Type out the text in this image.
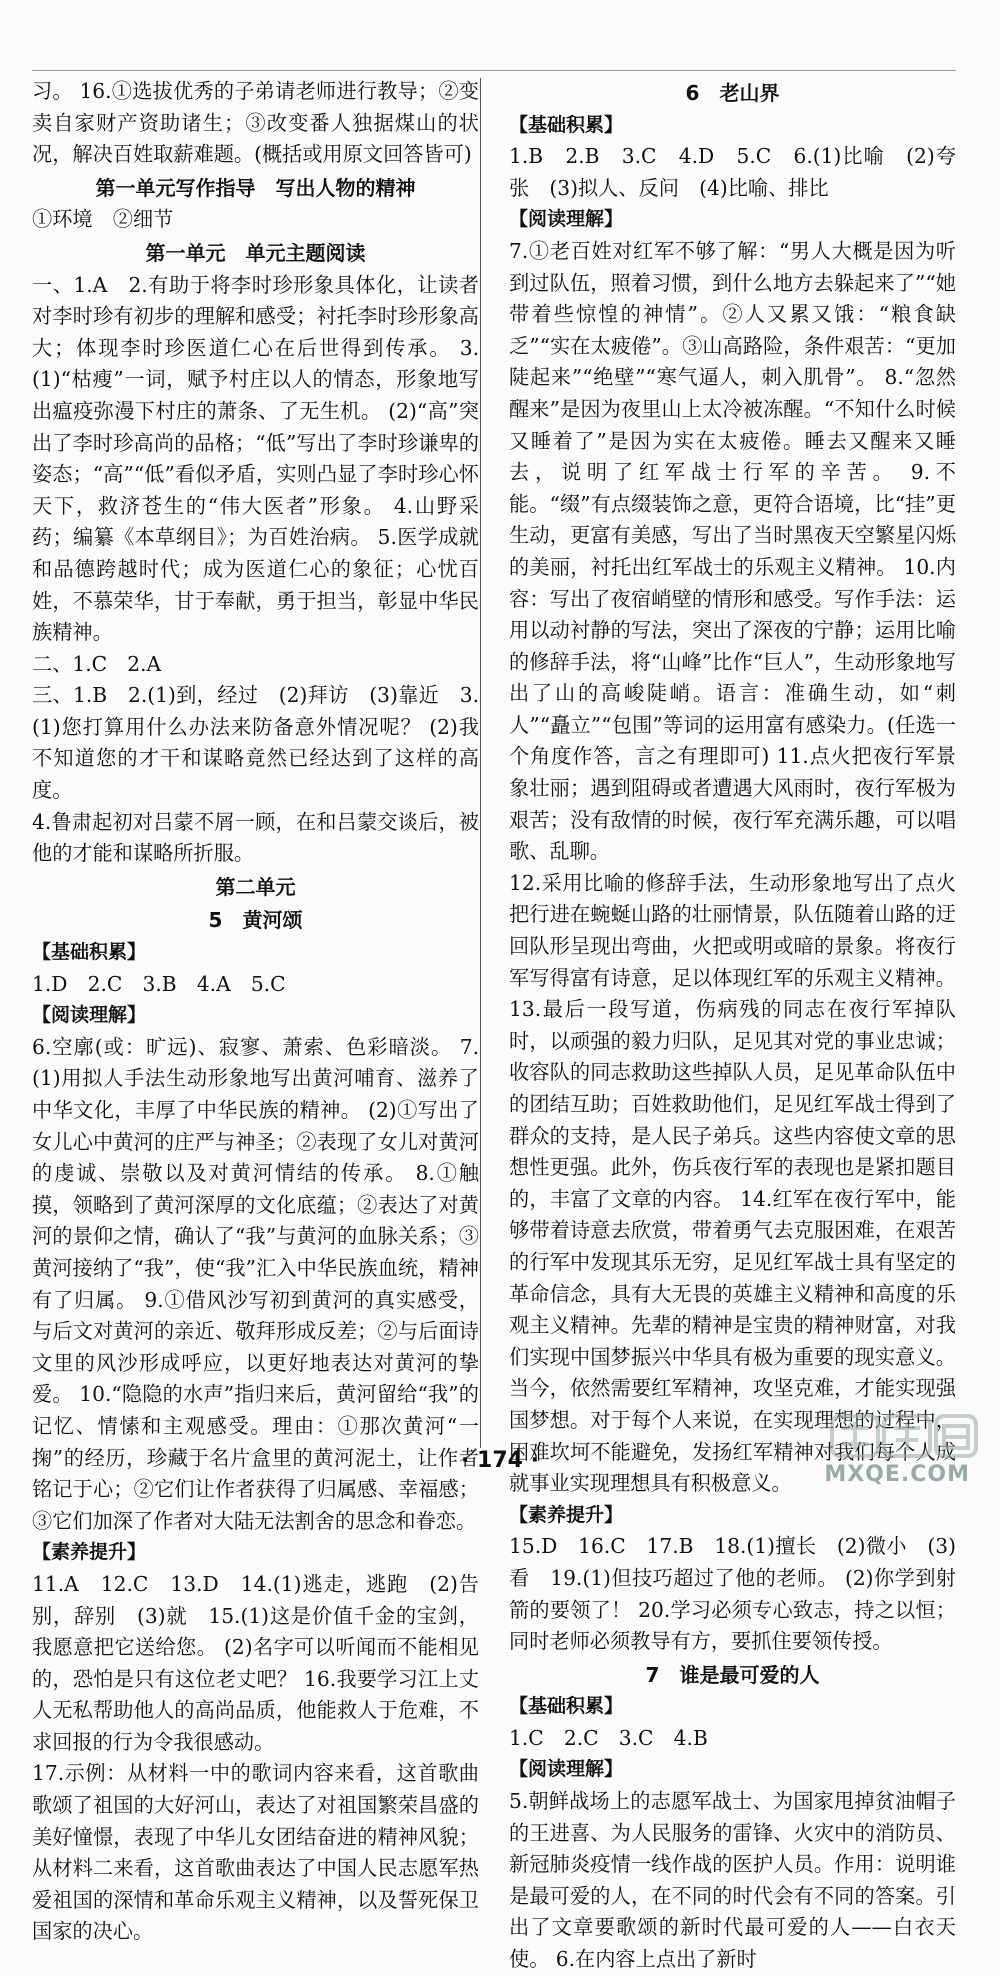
习。 16.①选拔优秀的子弟请老师进行教导；②变卖自家财产资助诸生；③改变番人独据煤山的状况，解决百姓取薪难题。(概括或用原文回答皆可)

第一单元写作指导　写出人物的精神

①环境　②细节

第一单元　单元主题阅读

一、1.A　2.有助于将李时珍形象具体化，让读者对李时珍有初步的理解和感受；衬托李时珍形象高大；体现李时珍医道仁心在后世得到传承。 3.(1)“枯瘦”一词，赋予村庄以人的情态，形象地写出瘟疫弥漫下村庄的萧条、了无生机。 (2)“高”突出了李时珍高尚的品格；“低”写出了李时珍谦卑的姿态；“高”“低”看似矛盾，实则凸显了李时珍心怀天下，救济苍生的“伟大医者”形象。 4.山野采药；编纂《本草纲目》；为百姓治病。 5.医学成就和品德跨越时代；成为医道仁心的象征；心忧百姓，不慕荣华，甘于奉献，勇于担当，彰显中华民族精神。

二、1.C　2.A

三、1.B　2.(1)到，经过　(2)拜访　(3)靠近　3.(1)您打算用什么办法来防备意外情况呢？ (2)我不知道您的才干和谋略竟然已经达到了这样的高度。

4.鲁肃起初对吕蒙不屑一顾，在和吕蒙交谈后，被他的才能和谋略所折服。

第二单元

5　黄河颂

【基础积累】

1.D　2.C　3.B　4.A　5.C

【阅读理解】

6.空廓(或：旷远)、寂寥、萧索、色彩暗淡。 7.(1)用拟人手法生动形象地写出黄河哺育、滋养了中华文化，丰厚了中华民族的精神。 (2)①写出了女儿心中黄河的庄严与神圣；②表现了女儿对黄河的虔诚、崇敬以及对黄河情结的传承。 8.①触摸，领略到了黄河深厚的文化底蕴；②表达了对黄河的景仰之情，确认了“我”与黄河的血脉关系；③黄河接纳了“我”，使“我”汇入中华民族血统，精神有了归属。 9.①借风沙写初到黄河的真实感受，与后文对黄河的亲近、敬拜形成反差；②与后面诗文里的风沙形成呼应，以更好地表达对黄河的挚爱。 10.“隐隐的水声”指归来后，黄河留给“我”的记忆、情愫和主观感受。理由：①那次黄河“一掬”的经历，珍藏于名片盒里的黄河泥土，让作者铭记于心；②它们让作者获得了归属感、幸福感；③它们加深了作者对大陆无法割舍的思念和眷恋。

【素养提升】

11.A　12.C　13.D　14.(1)逃走，逃跑　(2)告别，辞别　(3)就　15.(1)这是价值千金的宝剑，我愿意把它送给您。 (2)名字可以听闻而不能相见的，恐怕是只有这位老丈吧？ 16.我要学习江上丈人无私帮助他人的高尚品质，他能救人于危难，不求回报的行为令我很感动。

17.示例：从材料一中的歌词内容来看，这首歌曲歌颂了祖国的大好河山，表达了对祖国繁荣昌盛的美好憧憬，表现了中华儿女团结奋进的精神风貌；从材料二来看，这首歌曲表达了中国人民志愿军热爱祖国的深情和革命乐观主义精神，以及誓死保卫国家的决心。

6　老山界

【基础积累】

1.B　2.B　3.C　4.D　5.C　6.(1)比喻　(2)夸张　(3)拟人、反问　(4)比喻、排比

【阅读理解】

7.①老百姓对红军不够了解：“男人大概是因为听到过队伍，照着习惯，到什么地方去躲起来了”“她带着些惊惶的神情”。②人又累又饿：“粮食缺乏”“实在太疲倦”。③山高路险，条件艰苦：“更加陡起来”“绝壁”“寒气逼人，刺入肌骨”。 8.“忽然醒来”是因为夜里山上太冷被冻醒。“不知什么时候又睡着了”是因为实在太疲倦。睡去又醒来又睡去，说明了红军战士行军的辛苦。 9.不能。“缀”有点缀装饰之意，更符合语境，比“挂”更生动，更富有美感，写出了当时黑夜天空繁星闪烁的美丽，衬托出红军战士的乐观主义精神。 10.内容：写出了夜宿峭壁的情形和感受。写作手法：运用以动衬静的写法，突出了深夜的宁静；运用比喻的修辞手法，将“山峰”比作“巨人”，生动形象地写出了山的高峻陡峭。语言：准确生动，如“刺人”“矗立”“包围”等词的运用富有感染力。(任选一个角度作答，言之有理即可) 11.点火把夜行军景象壮丽；遇到阻碍或者遭遇大风雨时，夜行军极为艰苦；没有敌情的时候，夜行军充满乐趣，可以唱歌、乱聊。

12.采用比喻的修辞手法，生动形象地写出了点火把行进在蜿蜒山路的壮丽情景，队伍随着山路的迂回队形呈现出弯曲，火把或明或暗的景象。将夜行军写得富有诗意，足以体现红军的乐观主义精神。 13.最后一段写道，伤病残的同志在夜行军掉队时，以顽强的毅力归队，足见其对党的事业忠诚；收容队的同志救助这些掉队人员，足见革命队伍中的团结互助；百姓救助他们，足见红军战士得到了群众的支持，是人民子弟兵。这些内容使文章的思想性更强。此外，伤兵夜行军的表现也是紧扣题目的，丰富了文章的内容。 14.红军在夜行军中，能够带着诗意去欣赏，带着勇气去克服困难，在艰苦的行军中发现其乐无穷，足见红军战士具有坚定的革命信念，具有大无畏的英雄主义精神和高度的乐观主义精神。先辈的精神是宝贵的精神财富，对我们实现中国梦振兴中华具有极为重要的现实意义。当今，依然需要红军精神，攻坚克难，才能实现强国梦想。对于每个人来说，在实现理想的过程中，困难坎坷不能避免，发扬红军精神对我们每个人成就事业实现理想具有积极意义。

【素养提升】

15.D　16.C　17.B　18.(1)擅长　(2)微小　(3)看　19.(1)但技巧超过了他的老师。 (2)你学到射箭的要领了！ 20.学习必须专心致志，持之以恒；同时老师必须教导有方，要抓住要领传授。

7　谁是最可爱的人

【基础积累】

1.C　2.C　3.C　4.B

【阅读理解】

5.朝鲜战场上的志愿军战士、为国家甩掉贫油帽子的王进喜、为人民服务的雷锋、火灾中的消防员、新冠肺炎疫情一线作战的医护人员。作用：说明谁是最可爱的人，在不同的时代会有不同的答案。引出了文章要歌颂的新时代最可爱的人——白衣天使。 6.在内容上点出了新时

· 174 ·
MXQE.COM
